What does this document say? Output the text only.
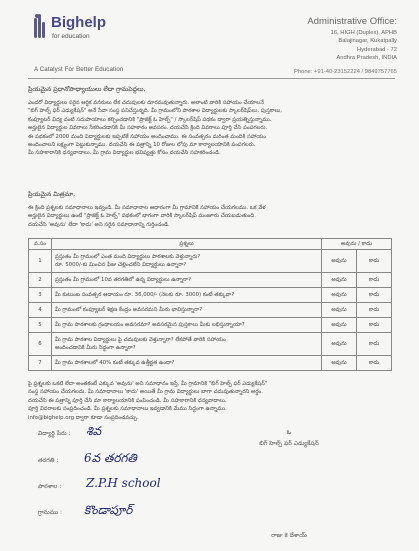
Bighelp
for education
A Catalyst For Better Education
Administrative Office:
16, HIGH (Duplex), APHB
Balajinagar, Kukatpally
Hyderabad - 72
Andhra Pradesh, INDIA
Phone: +91-40-23152224 / 9849757765
ప్రియమైన ప్రధానోపాధ్యాయులు లేదా గ్రామపెద్దలు,
ఎందరో విద్యార్థులు సరైన ఆర్థిక వనరులు లేక చదువులకు దూరమవుతున్నారు. అలాంటి వారికి సహాయం చేయాలనే
"బిగ్ హెల్ప్ ఫర్ ఎడ్యుకేషన్" అనే సేవా సంస్థ పనిచేస్తున్నది. మీ గ్రామంలోని పాఠశాల విద్యార్థులకు స్కాలర్‌షిప్‌లు, పుస్తకాలు,
కంప్యూటర్ విద్య వంటి సదుపాయాలు కల్పించడానికి "ప్రాజెక్ట్ ఓ హెల్ప్" / స్కాలర్‌షిప్ పథకం ద్వారా ప్రయత్నిస్తున్నాము.
అర్హులైన విద్యార్థుల వివరాలు సేకరించడానికి మీ సహకారం అవసరం. దయచేసి క్రింది వివరాలు పూర్తి చేసి పంపగలరు.
ఈ పథకంలో 2000 మంది విద్యార్థులకు ఇప్పటికే సహాయం అందించాము. ఈ సంవత్సరం మరింత మందికి సహాయం
అందించాలని లక్ష్యంగా పెట్టుకున్నాము. దయచేసి ఈ పత్రాన్ని 10 రోజుల లోపు మా కార్యాలయానికి పంపగలరు.
మీ సహకారానికి ధన్యవాదాలు. మీ గ్రామ విద్యార్థుల భవిష్యత్తు కోసం దయచేసి సహకరించండి.
ప్రియమైన మిత్రమా,
ఈ క్రింది ప్రశ్నలకు సమాధానాలు ఇవ్వండి. మీ సమాధానాల ఆధారంగా మీ గ్రామానికి సహాయం చేయగలము. ఒక వేళ
అర్హులైన విద్యార్థులు ఉంటే "ప్రాజెక్ట్ ఓ హెల్ప్" పథకంలో భాగంగా వారికి స్కాలర్‌షిప్ మంజూరు చేయబడుతుంది.
దయచేసి 'అవును' లేదా 'కాదు' అని సరైన సమాధానాన్ని గుర్తించండి.
వ.సం	ప్రశ్నలు	అవును / కాదు	
1	ప్రస్తుతం మీ గ్రామంలో ఎంత మంది విద్యార్థులు పాఠశాలకు వెళ్తున్నారు?
రూ. 5000/-కు మించిన ఫీజు చెల్లించలేని విద్యార్థులు ఉన్నారా?	అవును	కాదు
2	ప్రస్తుతం మీ గ్రామంలో 10వ తరగతిలో ఉన్న విద్యార్థులు ఉన్నారా?	అవును	కాదు
3	మీ కుటుంబ సంవత్సర ఆదాయం రూ. 36,000/- (నెలకు రూ. 3000) కంటే తక్కువా?	అవును	కాదు
4	మీ గ్రామంలో కంప్యూటర్ శిక్షణ కేంద్రం అవసరమని మీరు భావిస్తున్నారా?	అవును	కాదు
5	మీ గ్రామ పాఠశాలకు గ్రంథాలయం అవసరమా? అవసరమైన పుస్తకాలు మీకు లభిస్తున్నాయా?	అవును	కాదు
6	మీ గ్రామ పాఠశాల విద్యార్థులు పై చదువులకు వెళ్తున్నారా? లేకపోతే వారికి సహాయం
అందించడానికి మీరు సిద్ధంగా ఉన్నారా?	అవును	కాదు
7	మీ గ్రామ పాఠశాలలో 40% కంటే తక్కువ ఉత్తీర్ణత ఉందా?	అవును	కాదు
పై ప్రశ్నలకు ఒకటి లేదా అంతకంటే ఎక్కువ 'అవును' అని సమాధానం ఇస్తే, మీ గ్రామానికి "బిగ్ హెల్ప్ ఫర్ ఎడ్యుకేషన్"
సంస్థ సహాయం చేయగలదు. మీ సమాధానాలు 'కాదు' అయితే మీ గ్రామ విద్యార్థులు బాగా చదువుతున్నారని అర్థం.
దయచేసి ఈ పత్రాన్ని పూర్తి చేసి మా కార్యాలయానికి పంపించండి. మీ సహకారానికి ధన్యవాదాలు.
పూర్తి వివరాలకు సంప్రదించండి. మీ ప్రశ్నలకు సమాధానాలు ఇవ్వడానికి మేము సిద్ధంగా ఉన్నాము.
info@bighelp.org ద్వారా కూడా సంప్రదించవచ్చు.
విద్యార్థి పేరు : శివ
తరగతి : 6వ తరగతి
పాఠశాల : Z.P.H school
గ్రామము : కొండాపూర్
ఓ
బిగ్ హెల్ప్ ఫర్ ఎడ్యుకేషన్
రాజు కె దేశాయ్
